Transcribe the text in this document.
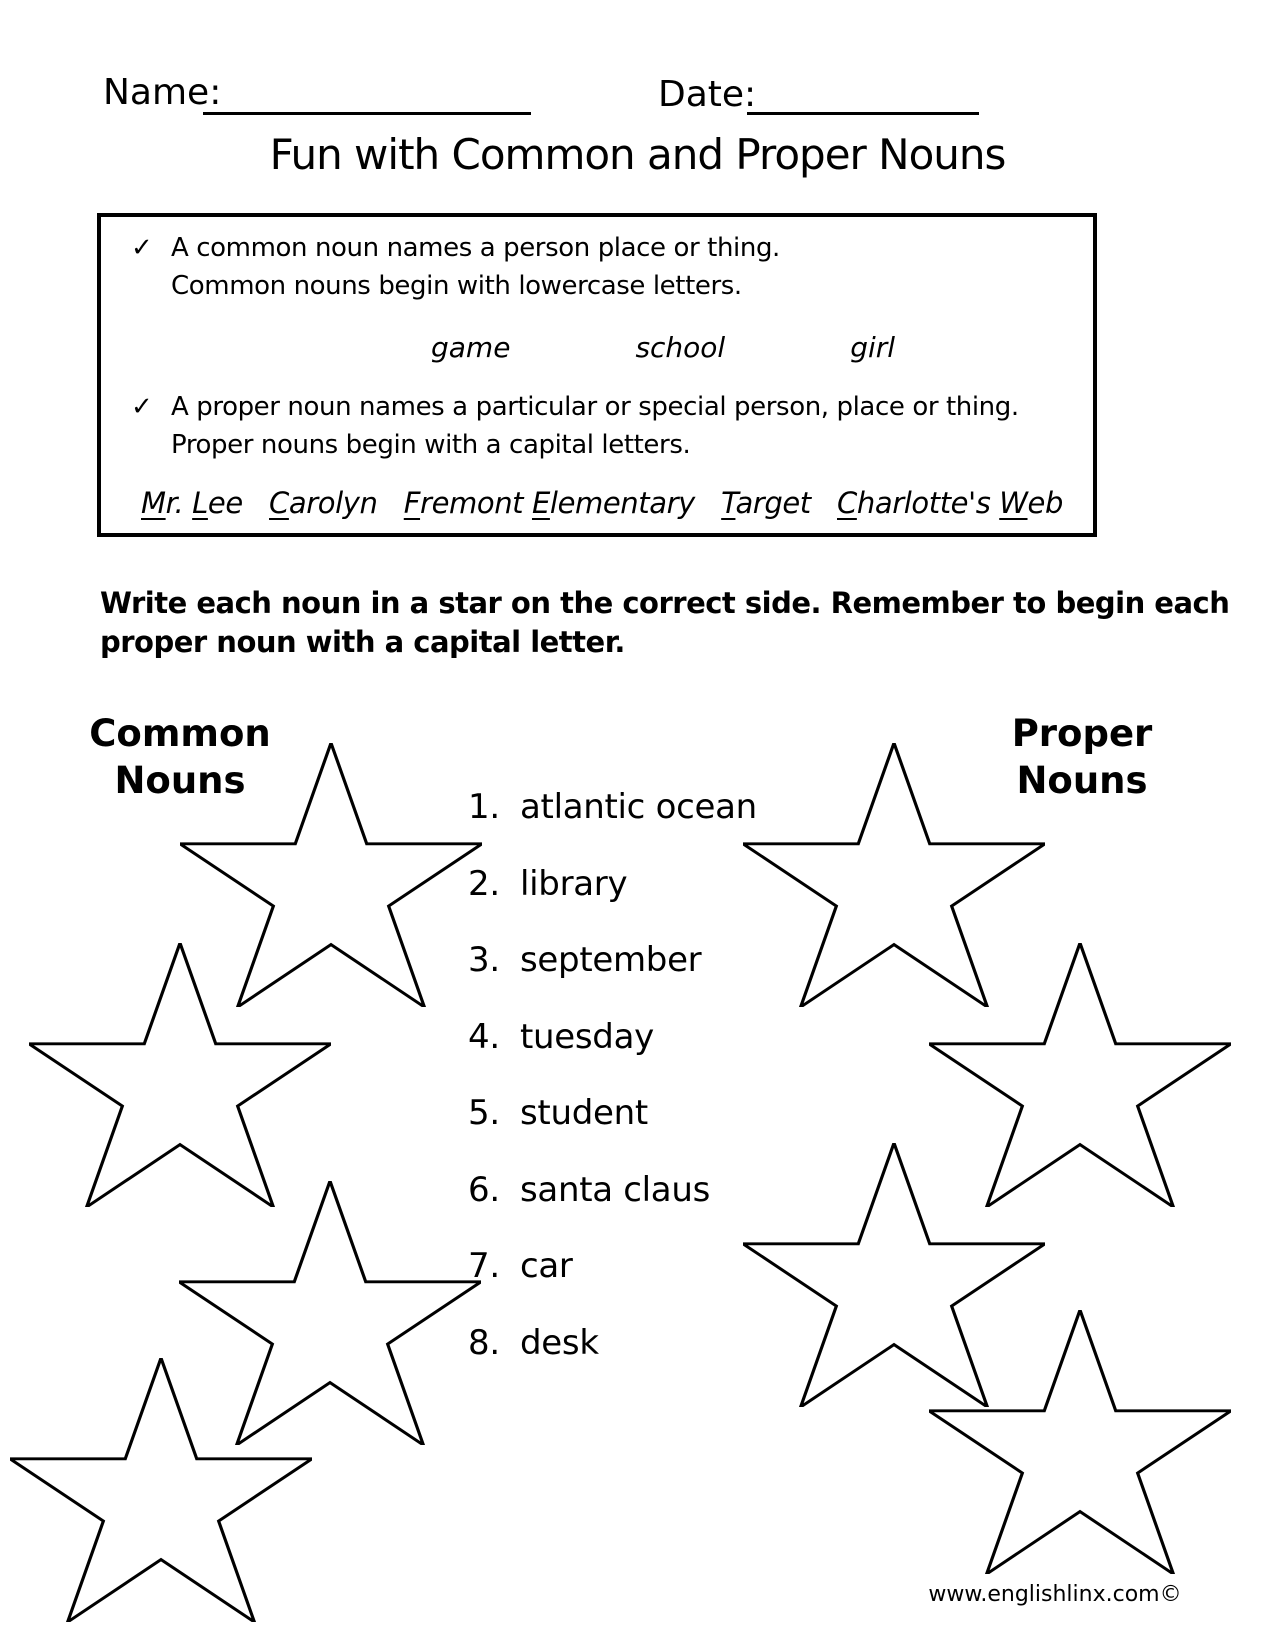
Name:	Date:
Fun with Common and Proper Nouns
✓ A common noun names a person place or thing.
Common nouns begin with lowercase letters.
game	school	girl
✓ A proper noun names a particular or special person, place or thing.
Proper nouns begin with a capital letters.
Mr. Lee Carolyn Fremont Elementary Target Charlotte's Web
Write each noun in a star on the correct side. Remember to begin each
proper noun with a capital letter.
Common
Nouns
Proper
Nouns
1. atlantic ocean
2. library
3. september
4. tuesday
5. student
6. santa claus
7. car
8. desk
www.englishlinx.com©
